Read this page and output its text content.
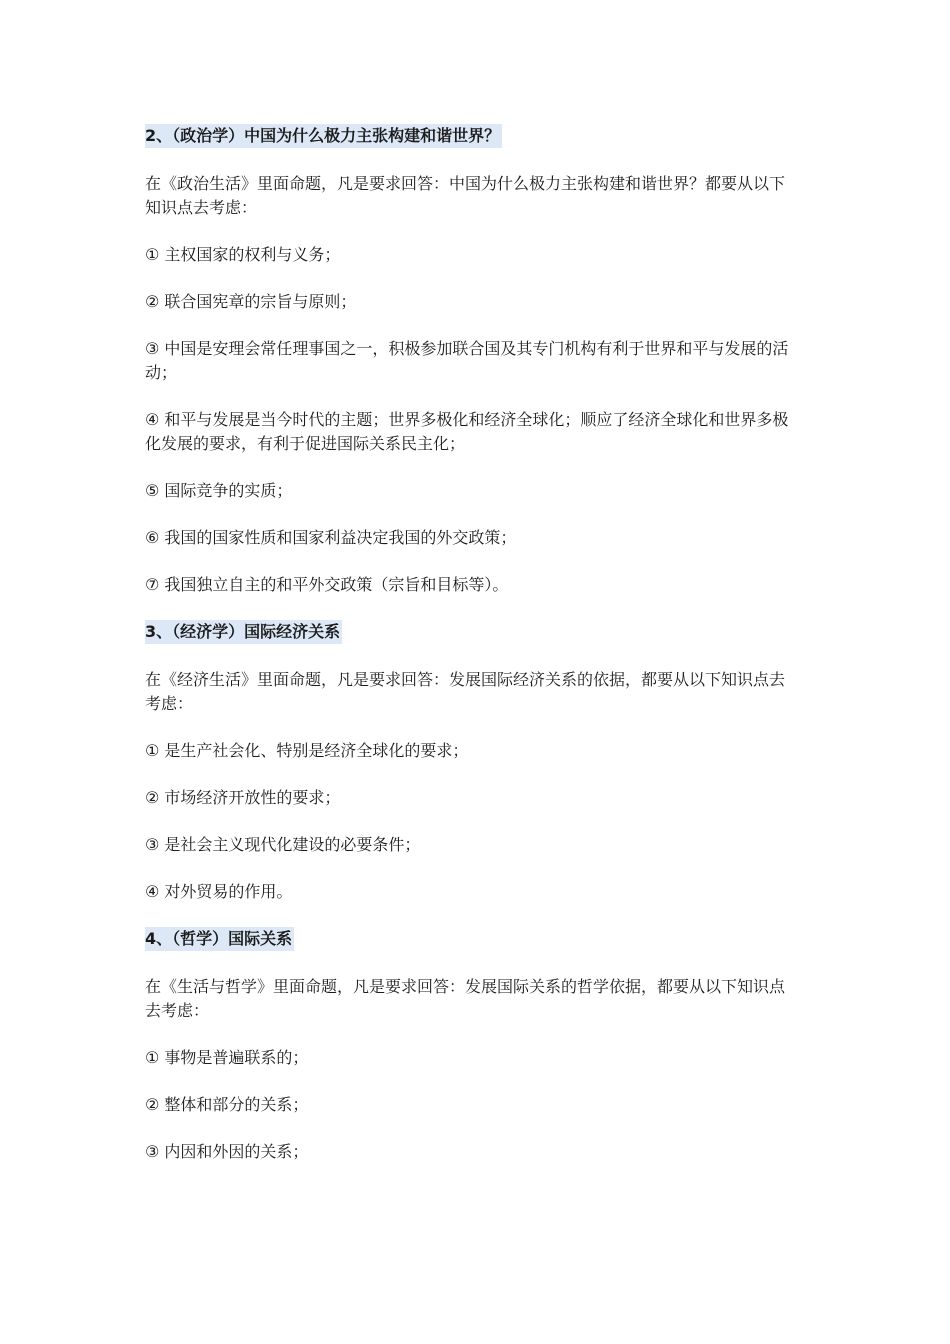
2、（政治学）中国为什么极力主张构建和谐世界？

在《政治生活》里面命题，凡是要求回答：中国为什么极力主张构建和谐世界？都要从以下知识点去考虑：

① 主权国家的权利与义务；

② 联合国宪章的宗旨与原则；

③ 中国是安理会常任理事国之一，积极参加联合国及其专门机构有利于世界和平与发展的活动；

④ 和平与发展是当今时代的主题；世界多极化和经济全球化；顺应了经济全球化和世界多极化发展的要求，有利于促进国际关系民主化；

⑤ 国际竞争的实质；

⑥ 我国的国家性质和国家利益决定我国的外交政策；

⑦ 我国独立自主的和平外交政策（宗旨和目标等）。

3、（经济学）国际经济关系

在《经济生活》里面命题，凡是要求回答：发展国际经济关系的依据，都要从以下知识点去考虑：

① 是生产社会化、特别是经济全球化的要求；

② 市场经济开放性的要求；

③ 是社会主义现代化建设的必要条件；

④ 对外贸易的作用。

4、（哲学）国际关系

在《生活与哲学》里面命题，凡是要求回答：发展国际关系的哲学依据，都要从以下知识点去考虑：

① 事物是普遍联系的；

② 整体和部分的关系；

③ 内因和外因的关系；
